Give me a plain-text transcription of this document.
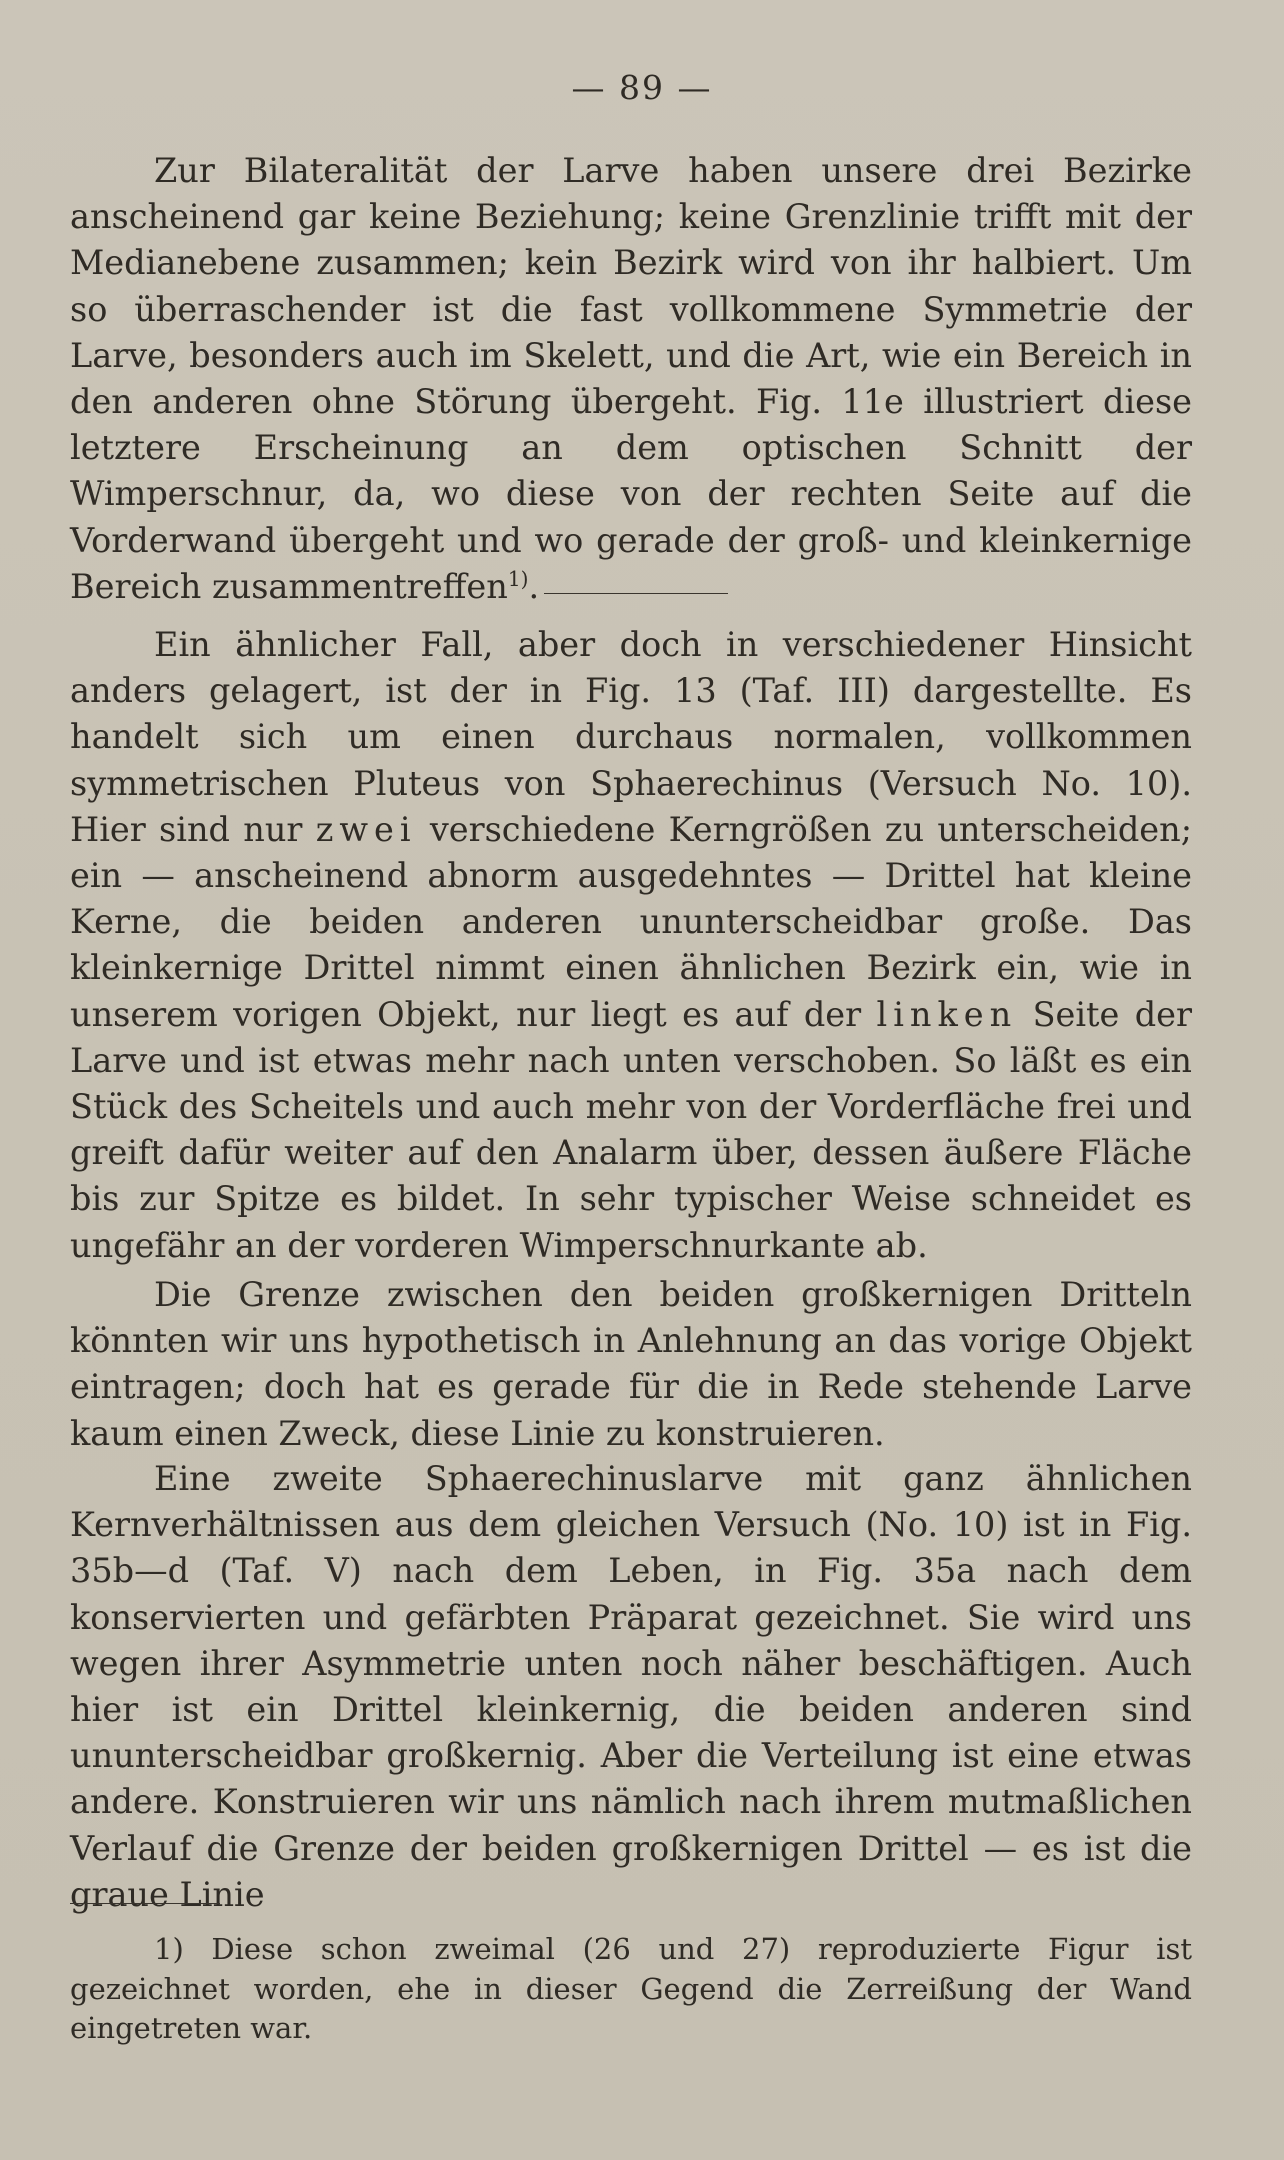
— 89 —

Zur Bilateralität der Larve haben unsere drei Bezirke anscheinend gar keine Beziehung; keine Grenzlinie trifft mit der Medianebene zusammen; kein Bezirk wird von ihr halbiert. Um so überraschender ist die fast vollkommene Symmetrie der Larve, besonders auch im Skelett, und die Art, wie ein Bereich in den anderen ohne Störung übergeht. Fig. 11e illustriert diese letztere Erscheinung an dem optischen Schnitt der Wimperschnur, da, wo diese von der rechten Seite auf die Vorderwand übergeht und wo gerade der groß- und kleinkernige Bereich zusammentreffen$^{1)}$.

Ein ähnlicher Fall, aber doch in verschiedener Hinsicht anders gelagert, ist der in Fig. 13 (Taf. III) dargestellte. Es handelt sich um einen durchaus normalen, vollkommen symmetrischen Pluteus von Sphaerechinus (Versuch No. 10). Hier sind nur zwei verschiedene Kerngrößen zu unterscheiden; ein — anscheinend abnorm ausgedehntes — Drittel hat kleine Kerne, die beiden anderen ununterscheidbar große. Das kleinkernige Drittel nimmt einen ähnlichen Bezirk ein, wie in unserem vorigen Objekt, nur liegt es auf der linken Seite der Larve und ist etwas mehr nach unten verschoben. So läßt es ein Stück des Scheitels und auch mehr von der Vorderfläche frei und greift dafür weiter auf den Analarm über, dessen äußere Fläche bis zur Spitze es bildet. In sehr typischer Weise schneidet es ungefähr an der vorderen Wimperschnurkante ab.

Die Grenze zwischen den beiden großkernigen Dritteln könnten wir uns hypothetisch in Anlehnung an das vorige Objekt eintragen; doch hat es gerade für die in Rede stehende Larve kaum einen Zweck, diese Linie zu konstruieren.

Eine zweite Sphaerechinuslarve mit ganz ähnlichen Kernverhältnissen aus dem gleichen Versuch (No. 10) ist in Fig. 35b—d (Taf. V) nach dem Leben, in Fig. 35a nach dem konservierten und gefärbten Präparat gezeichnet. Sie wird uns wegen ihrer Asymmetrie unten noch näher beschäftigen. Auch hier ist ein Drittel kleinkernig, die beiden anderen sind ununterscheidbar großkernig. Aber die Verteilung ist eine etwas andere. Konstruieren wir uns nämlich nach ihrem mutmaßlichen Verlauf die Grenze der beiden großkernigen Drittel — es ist die graue Linie

1) Diese schon zweimal (26 und 27) reproduzierte Figur ist gezeichnet worden, ehe in dieser Gegend die Zerreißung der Wand eingetreten war.
